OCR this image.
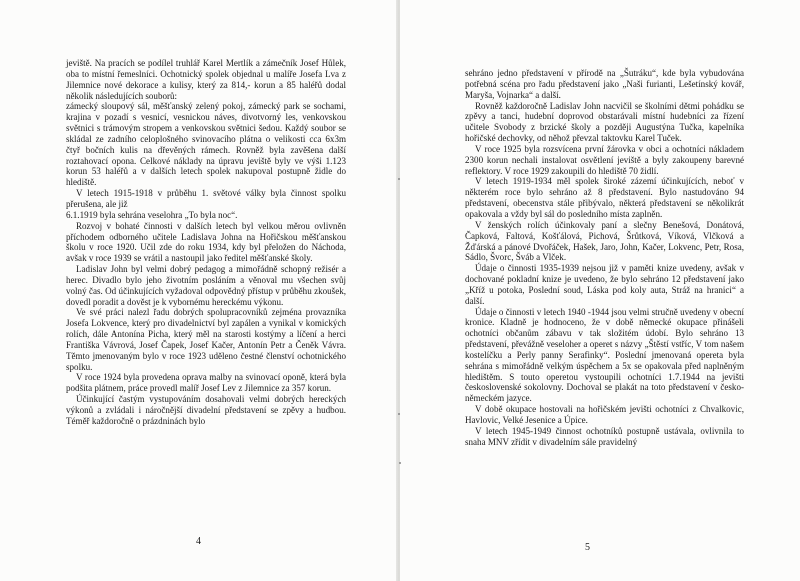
jeviště. Na pracích se podílel truhlář Karel Mertlík a zámečník Josef Hůlek, oba to místní řemeslníci. Ochotnický spolek objednal u malíře Josefa Lva z Jilemnice nové dekorace a kulisy, který za 814,- korun a 85 haléřů dodal několik následujících souborů:

zámecký sloupový sál, měšťanský zelený pokoj, zámecký park se sochami, krajina v pozadí s vesnicí, vesnickou náves, divotvorný les, venkovskou světnici s trámovým stropem a venkovskou světnici šedou. Každý soubor se skládal ze zadního celoplošného svinovacího plátna o velikosti cca 6x3m čtyř bočních kulis na dřevěných rámech. Rovněž byla zavěšena další roztahovací opona. Celkové náklady na úpravu jeviště byly ve výši 1.123 korun 53 haléřů a v dalších letech spolek nakupoval postupně židle do hlediště.

V letech 1915-1918 v průběhu 1. světové války byla činnost spolku přerušena, ale již

6.1.1919 byla sehrána veselohra „To byla noc“.

Rozvoj v bohaté činnosti v dalších letech byl velkou měrou ovlivněn příchodem odborného učitele Ladislava Johna na Hořičskou měšťanskou školu v roce 1920. Učil zde do roku 1934, kdy byl přeložen do Náchoda, avšak v roce 1939 se vrátil a nastoupil jako ředitel měšťanské školy.

Ladislav John byl velmi dobrý pedagog a mimořádně schopný režisér a herec. Divadlo bylo jeho životním posláním a věnoval mu všechen svůj volný čas. Od účinkujících vyžadoval odpovědný přístup v průběhu zkoušek, dovedl poradit a dověst je k vybornému hereckému výkonu.

Ve své práci nalezl řadu dobrých spolupracovníků zejména provazníka Josefa Lokvence, který pro divadelnictví byl zapálen a vynikal v komických rolích, dále Antonína Picha, který měl na starosti kostýmy a líčení a herci Františka Vávrová, Josef Čapek, Josef Kačer, Antonín Petr a Čeněk Vávra. Těmto jmenovaným bylo v roce 1923 uděleno čestné členství ochotnického spolku.

V roce 1924 byla provedena oprava malby na svinovací oponě, která byla podšita plátnem, práce provedl malíř Josef Lev z Jilemnice za 357 korun.

Účinkující častým vystupováním dosahovali velmi dobrých hereckých výkonů a zvládali i náročnější divadelní představení se zpěvy a hudbou. Téměř každoročně o prázdninách bylo

4

sehráno jedno představení v přírodě na „Šutráku“, kde byla vybudována potřebná scéna pro řadu představení jako „Naši furianti, Lešetínský kovář, Maryša, Vojnarka“ a další.

Rovněž každoročně Ladislav John nacvičil se školními dětmi pohádku se zpěvy a tanci, hudební doprovod obstarávali místní hudebníci za řízení učitele Svobody z brzické školy a později Augustýna Tučka, kapelníka hořičské dechovky, od něhož převzal taktovku Karel Tuček.

V roce 1925 byla rozsvícena první žárovka v obci a ochotníci nákladem 2300 korun nechali instalovat osvětlení jeviště a byly zakoupeny barevné reflektory. V roce 1929 zakoupili do hlediště 70 židlí.

V letech 1919-1934 měl spolek široké zázemí účinkujících, neboť v některém roce bylo sehráno až 8 představení. Bylo nastudováno 94 představení, obecenstva stále přibývalo, některá představení se několikrát opakovala a vždy byl sál do posledního místa zaplněn.

V ženských rolích účinkovaly paní a slečny Benešová, Donátová, Čapková, Faltová, Košťálová, Pichová, Šrůtková, Víková, Vlčková a Žďárská a pánové Dvořáček, Hašek, Jaro, John, Kačer, Lokvenc, Petr, Rosa, Sádlo, Švorc, Šváb a Vlček.

Údaje o činnosti 1935-1939 nejsou již v paměti knize uvedeny, avšak v dochované pokladní knize je uvedeno, že bylo sehráno 12 představení jako „Kříž u potoka, Poslední soud, Láska pod koly auta, Stráž na hranici“ a další.

Údaje o činnosti v letech 1940 -1944 jsou velmi stručně uvedeny v obecní kronice. Kladně je hodnoceno, že v době německé okupace přinášeli ochotníci občanům zábavu v tak složitém údobí. Bylo sehráno 13 představení, převážně veseloher a operet s názvy „Štěstí vstříc, V tom našem kostelíčku a Perly panny Serafinky“. Poslední jmenovaná opereta byla sehrána s mimořádně velkým úspěchem a 5x se opakovala před naplněným hledištěm. S touto operetou vystoupili ochotníci 1.7.1944 na jevišti československé sokolovny. Dochoval se plakát na toto představení v česko-německém jazyce.

V době okupace hostovali na hořičském jevišti ochotníci z Chvalkovic, Havlovic, Velké Jesenice a Úpice.

V letech 1945-1949 činnost ochotníků postupně ustávala, ovlivnila to snaha MNV zřídit v divadelním sále pravidelný

5
